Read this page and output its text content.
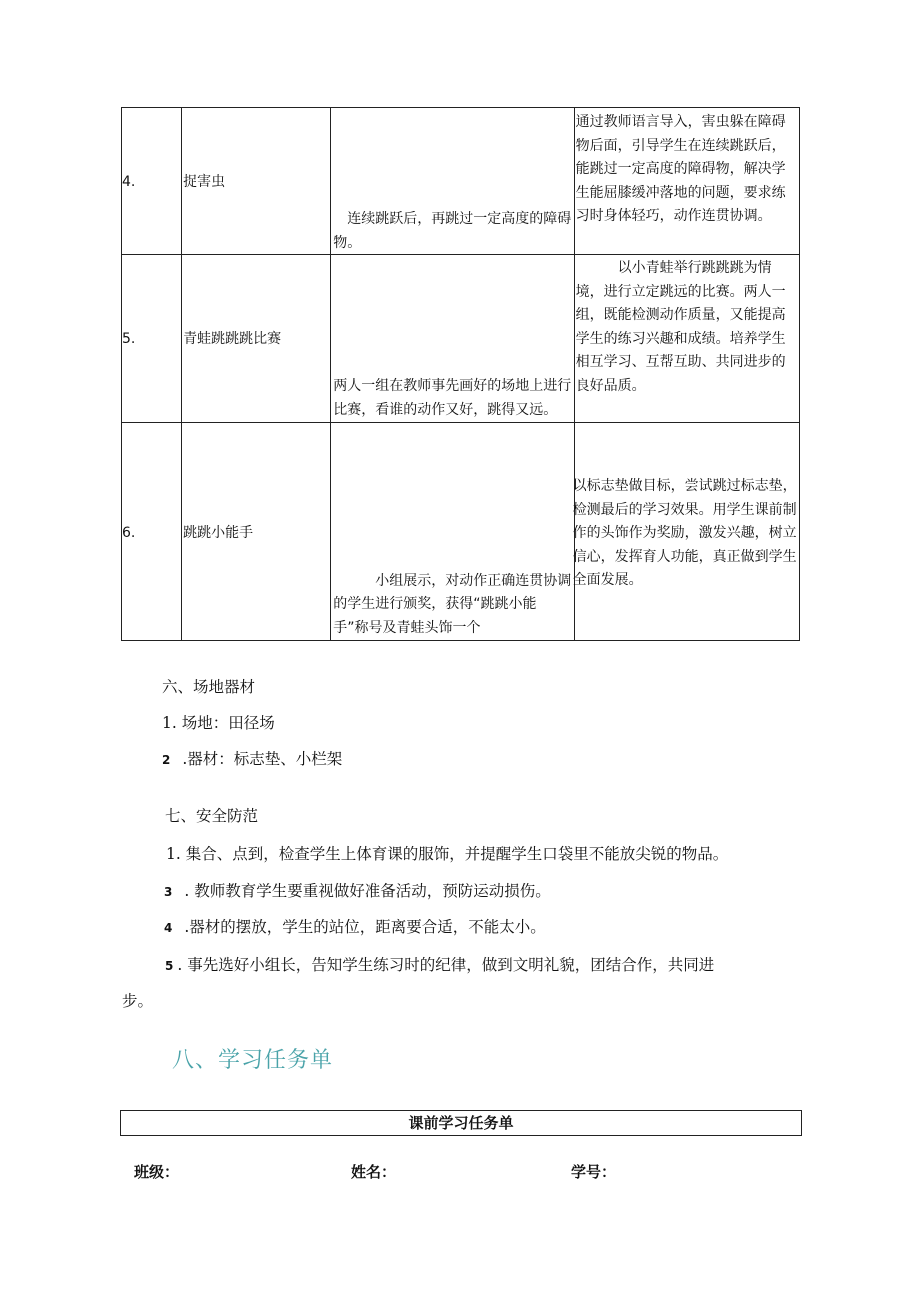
4.	捉害虫	连续跳跃后，再跳过一定高度的障碍物。	通过教师语言导入，害虫躲在障碍物后面，引导学生在连续跳跃后，能跳过一定高度的障碍物，解决学生能屈膝缓冲落地的问题，要求练习时身体轻巧，动作连贯协调。

5.	青蛙跳跳跳比赛	两人一组在教师事先画好的场地上进行比赛，看谁的动作又好，跳得又远。	以小青蛙举行跳跳跳为情境，进行立定跳远的比赛。两人一组，既能检测动作质量，又能提高学生的练习兴趣和成绩。培养学生相互学习、互帮互助、共同进步的良好品质。

6.	跳跳小能手	小组展示，对动作正确连贯协调的学生进行颁奖，获得“跳跳小能手”称号及青蛙头饰一个	以标志垫做目标，尝试跳过标志垫，检测最后的学习效果。用学生课前制作的头饰作为奖励，激发兴趣，树立信心，发挥育人功能，真正做到学生全面发展。
六、场地器材
1. 场地：田径场
2 .器材：标志垫、小栏架
七、安全防范
1. 集合、点到，检查学生上体育课的服饰，并提醒学生口袋里不能放尖锐的物品。
3 . 教师教育学生要重视做好准备活动，预防运动损伤。
4 .器材的摆放，学生的站位，距离要合适，不能太小。
5 . 事先选好小组长，告知学生练习时的纪律，做到文明礼貌，团结合作，共同进
步。
八、学习任务单
课前学习任务单
班级：	姓名：	学号：
